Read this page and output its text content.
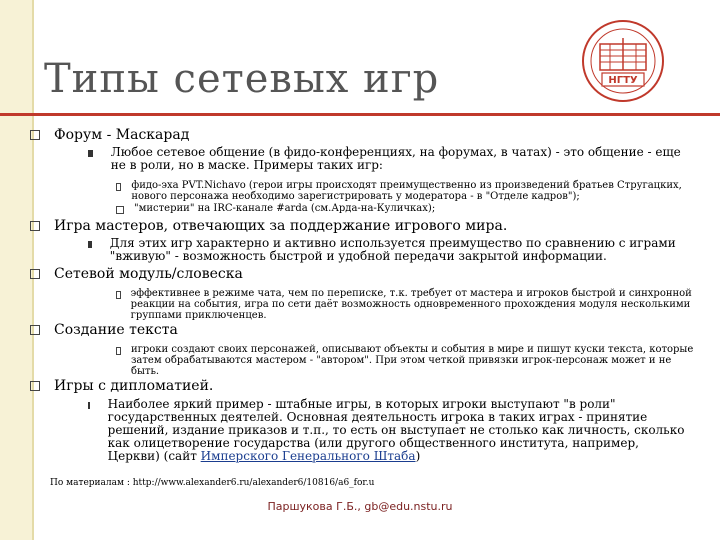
Типы сетевых игр	НГТУ
Форум - Маскарад
Любое сетевое общение (в фидо-конференциях, на форумах, в чатах) - это общение - еще не в роли, но в маске. Примеры таких игр:
фидо-эха PVT.Nichavo (герои игры происходят преимущественно из произведений братьев Стругацких, нового персонажа необходимо зарегистрировать у модератора - в "Отделе кадров");
"мистерии" на IRC-канале #arda (см.Арда-на-Куличках);
Игра мастеров, отвечающих за поддержание игрового мира.
Для этих игр характерно и активно используется преимущество по сравнению с играми "вживую" - возможность быстрой и удобной передачи закрытой информации.
Сетевой модуль/словеска
эффективнее в режиме чата, чем по переписке, т.к. требует от мастера и игроков быстрой и синхронной реакции на события, игра по сети даёт возможность одновременного прохождения модуля несколькими группами приключенцев.
Создание текста
игроки создают своих персонажей, описывают объекты и события в мире и пишут куски текста, которые затем обрабатываются мастером - "автором". При этом четкой привязки игрок-персонаж может и не быть.
Игры с дипломатией.
Наиболее яркий пример - штабные игры, в которых игроки выступают "в роли" государственных деятелей. Основная деятельность игрока в таких играх - принятие решений, издание приказов и т.п., то есть он выступает не столько как личность, сколько как олицетворение государства (или другого общественного института, например, Церкви) (сайт Имперского Генерального Штаба)
По материалам : http://www.alexander6.ru/alexander6/10816/a6_for.u
Паршукова Г.Б., gb@edu.nstu.ru
